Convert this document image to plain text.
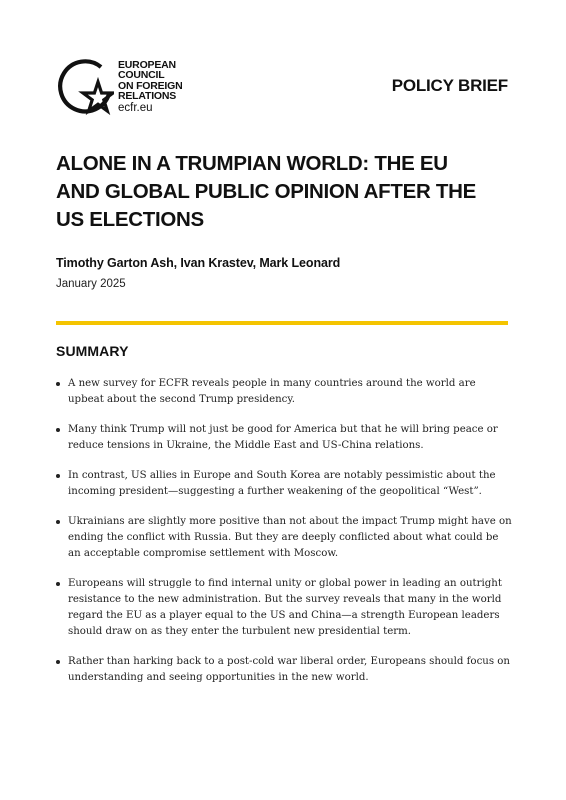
EUROPEAN
COUNCIL
ON FOREIGN
RELATIONS
ecfr.eu
POLICY BRIEF
ALONE IN A TRUMPIAN WORLD: THE EU
AND GLOBAL PUBLIC OPINION AFTER THE
US ELECTIONS
Timothy Garton Ash, Ivan Krastev, Mark Leonard
January 2025
SUMMARY
A new survey for ECFR reveals people in many countries around the world are upbeat about the second Trump presidency.
Many think Trump will not just be good for America but that he will bring peace or reduce tensions in Ukraine, the Middle East and US-China relations.
In contrast, US allies in Europe and South Korea are notably pessimistic about the incoming president—suggesting a further weakening of the geopolitical “West”.
Ukrainians are slightly more positive than not about the impact Trump might have on ending the conflict with Russia. But they are deeply conflicted about what could be an acceptable compromise settlement with Moscow.
Europeans will struggle to find internal unity or global power in leading an outright resistance to the new administration. But the survey reveals that many in the world regard the EU as a player equal to the US and China—a strength European leaders should draw on as they enter the turbulent new presidential term.
Rather than harking back to a post-cold war liberal order, Europeans should focus on understanding and seeing opportunities in the new world.
